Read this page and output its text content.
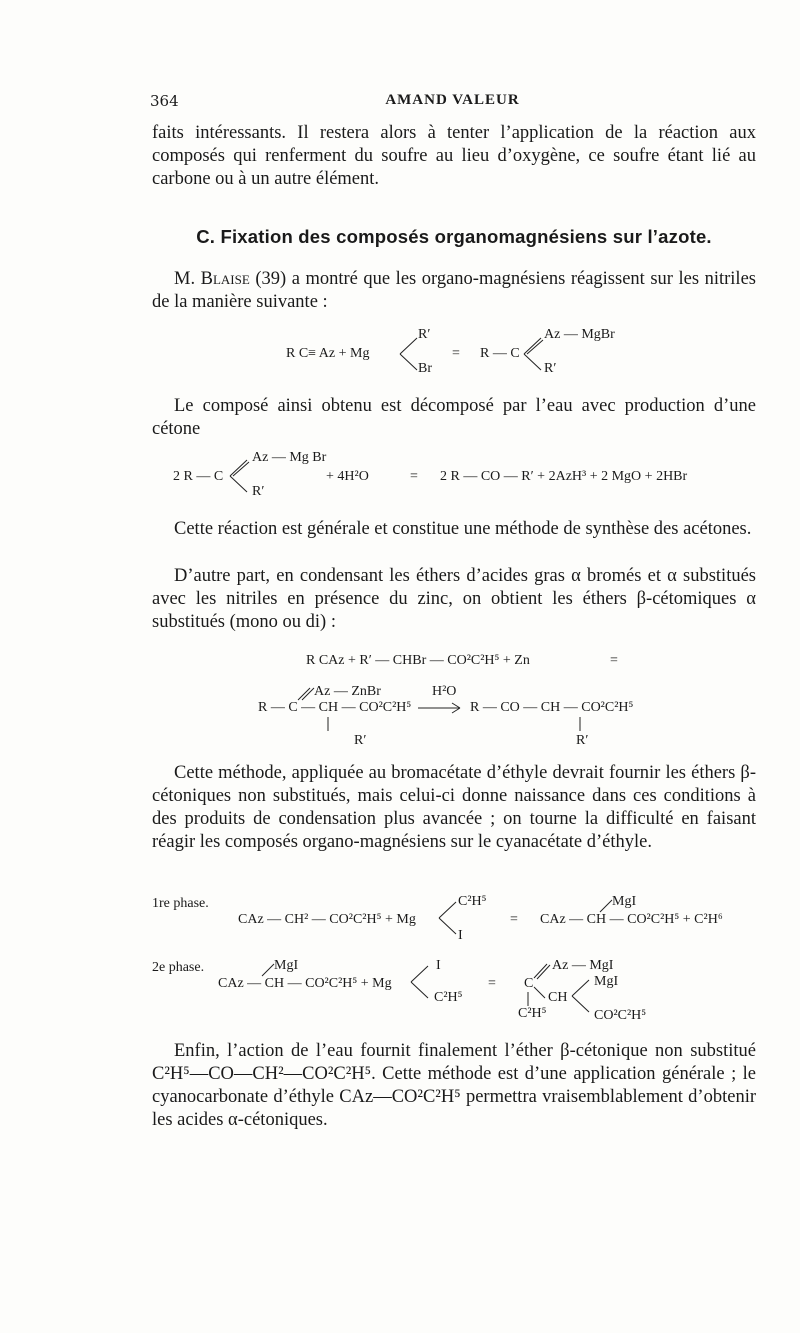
364	AMAND VALEUR

faits intéressants. Il restera alors à tenter l’application de la réaction aux composés qui renferment du soufre au lieu d’oxygène, ce soufre étant lié au carbone ou à un autre élément.

C. Fixation des composés organomagnésiens sur l’azote.

M. Blaise (39) a montré que les organo-magnésiens réagissent sur les nitriles de la manière suivante :

R C≡ Az + Mg
R′
Br
= R — C
Az — MgBr
R′

Le composé ainsi obtenu est décomposé par l’eau avec production d’une cétone

2 R — C
Az — Mg Br
R′
+ 4H²O	= 2 R — CO — R′ + 2AzH³ + 2 MgO + 2HBr

Cette réaction est générale et constitue une méthode de synthèse des acétones.

D’autre part, en condensant les éthers d’acides gras α bromés et α substitués avec les nitriles en présence du zinc, on obtient les éthers β-cétomiques α substitués (mono ou di) :

R CAz + R′ — CHBr — CO²C²H⁵ + Zn	=
Az — ZnBr	H²O
R — C — CH — CO²C²H⁵	R — CO — CH — CO²C²H⁵
R′	R′

Cette méthode, appliquée au bromacétate d’éthyle devrait fournir les éthers β-cétoniques non substitués, mais celui-ci donne naissance dans ces conditions à des produits de condensation plus avancée ; on tourne la difficulté en faisant réagir les composés organo-magnésiens sur le cyanacétate d’éthyle.

1re phase.
CAz — CH² — CO²C²H⁵ + Mg
C²H⁵
I
=
MgI
CAz — CH — CO²C²H⁵ + C²H⁶
2e phase.	MgI
CAz — CH — CO²C²H⁵ + Mg
I
C²H⁵
= C
Az — MgI
CH
MgI
C²H⁵	CO²C²H⁵

Enfin, l’action de l’eau fournit finalement l’éther β-cétonique non substitué C²H⁵—CO—CH²—CO²C²H⁵. Cette méthode est d’une application générale ; le cyanocarbonate d’éthyle CAz—CO²C²H⁵ permettra vraisemblablement d’obtenir les acides α-cétoniques.
